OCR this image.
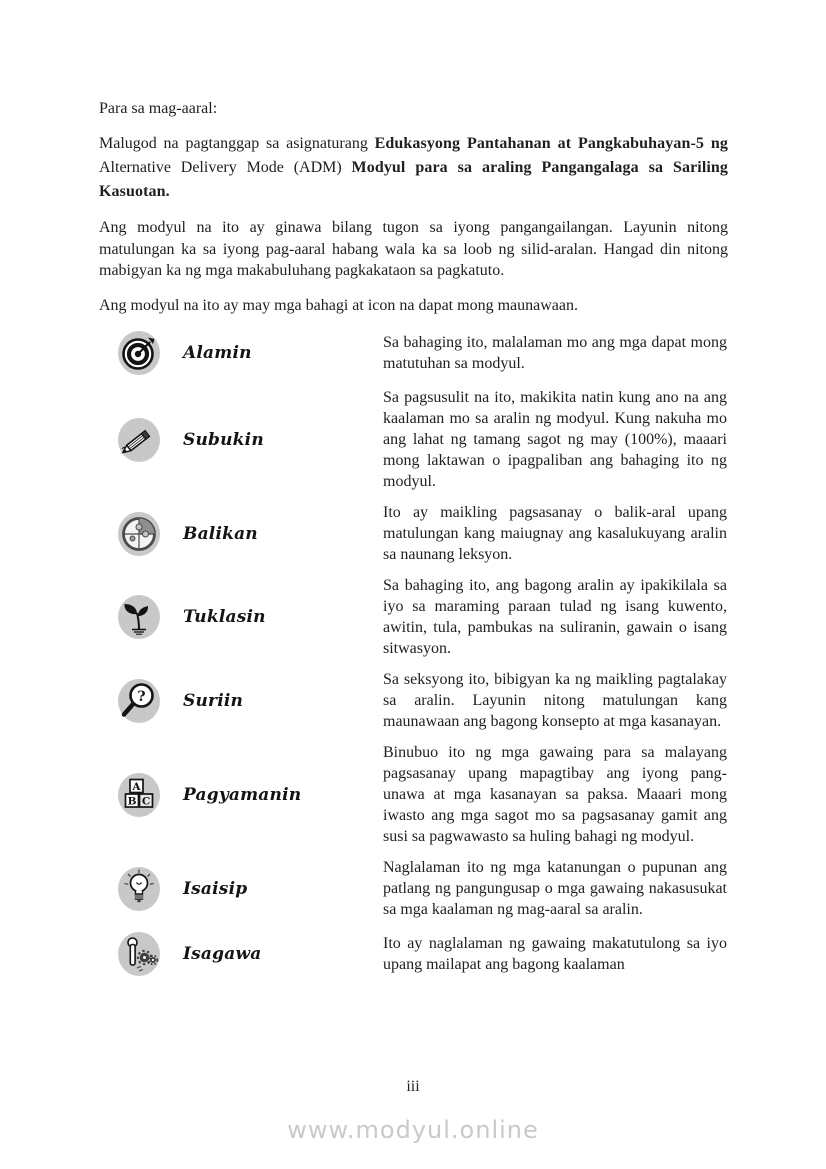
Para sa mag-aaral:

Malugod na pagtanggap sa asignaturang Edukasyong Pantahanan at Pangkabuhayan-5 ng Alternative Delivery Mode (ADM) Modyul para sa araling Pangangalaga sa Sariling Kasuotan.

Ang modyul na ito ay ginawa bilang tugon sa iyong pangangailangan. Layunin nitong matulungan ka sa iyong pag-aaral habang wala ka sa loob ng silid-aralan. Hangad din nitong mabigyan ka ng mga makabuluhang pagkakataon sa pagkatuto.

Ang modyul na ito ay may mga bahagi at icon na dapat mong maunawaan.

Alamin

Sa bahaging ito, malalaman mo ang mga dapat mong matutuhan sa modyul.

Subukin

Sa pagsusulit na ito, makikita natin kung ano na ang kaalaman mo sa aralin ng modyul. Kung nakuha mo ang lahat ng tamang sagot ng may (100%), maaari mong laktawan o ipagpaliban ang bahaging ito ng modyul.

Balikan

Ito ay maikling pagsasanay o balik-aral upang matulungan kang maiugnay ang kasalukuyang aralin sa naunang leksyon.

Tuklasin

Sa bahaging ito, ang bagong aralin ay ipakikilala sa iyo sa maraming paraan tulad ng isang kuwento, awitin, tula, pambukas na suliranin, gawain o isang sitwasyon.

? Suriin

Sa seksyong ito, bibigyan ka ng maikling pagtalakay sa aralin. Layunin nitong matulungan kang maunawaan ang bagong konsepto at mga kasanayan.

A
B C Pagyamanin

Binubuo ito ng mga gawaing para sa malayang pagsasanay upang mapagtibay ang iyong pang-unawa at mga kasanayan sa paksa. Maaari mong iwasto ang mga sagot mo sa pagsasanay gamit ang susi sa pagwawasto sa huling bahagi ng modyul.

Isaisip

Naglalaman ito ng mga katanungan o pupunan ang patlang ng pangungusap o mga gawaing nakasusukat sa mga kaalaman ng mag-aaral sa aralin.

Isagawa

Ito ay naglalaman ng gawaing makatutulong sa iyo upang mailapat ang bagong kaalaman

iii
www.modyul.online
